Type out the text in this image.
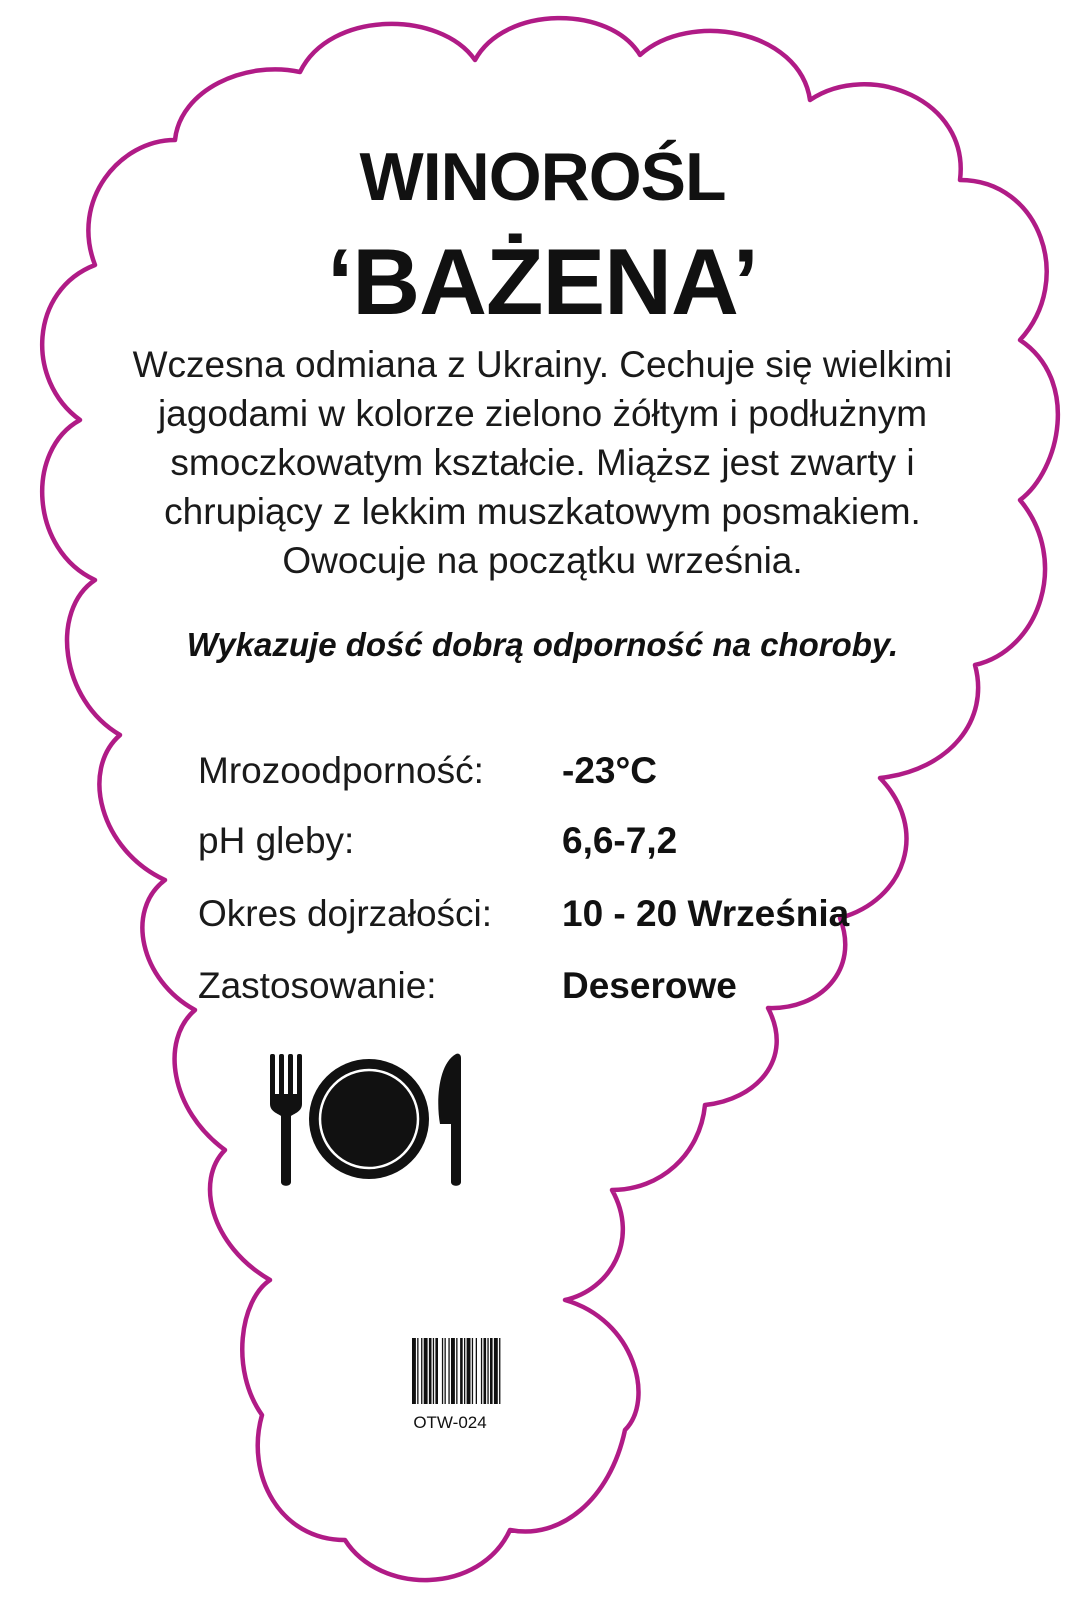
WINOROŚL
‘BAŻENA’
Wczesna odmiana z Ukrainy. Cechuje się wielkimi
jagodami w kolorze zielono żółtym i podłużnym
smoczkowatym kształcie. Miąższ jest zwarty i
chrupiący z lekkim muszkatowym posmakiem.
Owocuje na początku września.
Wykazuje dość dobrą odporność na choroby.
Mrozoodporność: -23°C
pH gleby:	6,6-7,2
Okres dojrzałości: 10 - 20 Września
Zastosowanie:	Deserowe
OTW-024
